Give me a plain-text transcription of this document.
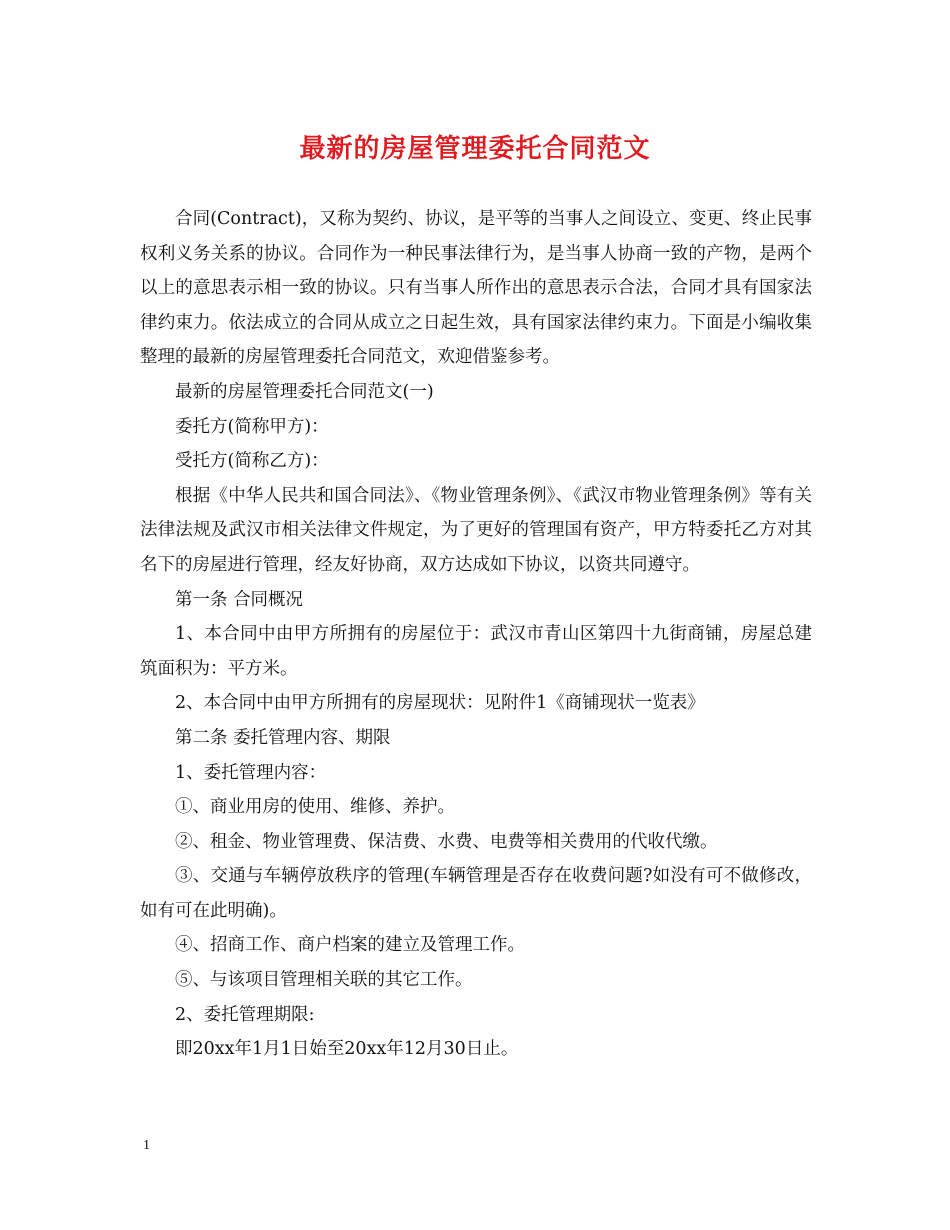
最新的房屋管理委托合同范文

合同(Contract)，又称为契约、协议，是平等的当事人之间设立、变更、终止民事权利义务关系的协议。合同作为一种民事法律行为，是当事人协商一致的产物，是两个以上的意思表示相一致的协议。只有当事人所作出的意思表示合法，合同才具有国家法律约束力。依法成立的合同从成立之日起生效，具有国家法律约束力。下面是小编收集整理的最新的房屋管理委托合同范文，欢迎借鉴参考。

最新的房屋管理委托合同范文(一)

委托方(简称甲方)：

受托方(简称乙方)：

根据《中华人民共和国合同法》、《物业管理条例》、《武汉市物业管理条例》等有关法律法规及武汉市相关法律文件规定，为了更好的管理国有资产，甲方特委托乙方对其名下的房屋进行管理，经友好协商，双方达成如下协议，以资共同遵守。

第一条 合同概况

1、本合同中由甲方所拥有的房屋位于：武汉市青山区第四十九街商铺，房屋总建筑面积为：平方米。

2、本合同中由甲方所拥有的房屋现状：见附件1《商铺现状一览表》

第二条 委托管理内容、期限

1、委托管理内容：

①、商业用房的使用、维修、养护。

②、租金、物业管理费、保洁费、水费、电费等相关费用的代收代缴。

③、交通与车辆停放秩序的管理(车辆管理是否存在收费问题?如没有可不做修改，如有可在此明确)。

④、招商工作、商户档案的建立及管理工作。

⑤、与该项目管理相关联的其它工作。

2、委托管理期限:

即20xx年1月1日始至20xx年12月30日止。

1
